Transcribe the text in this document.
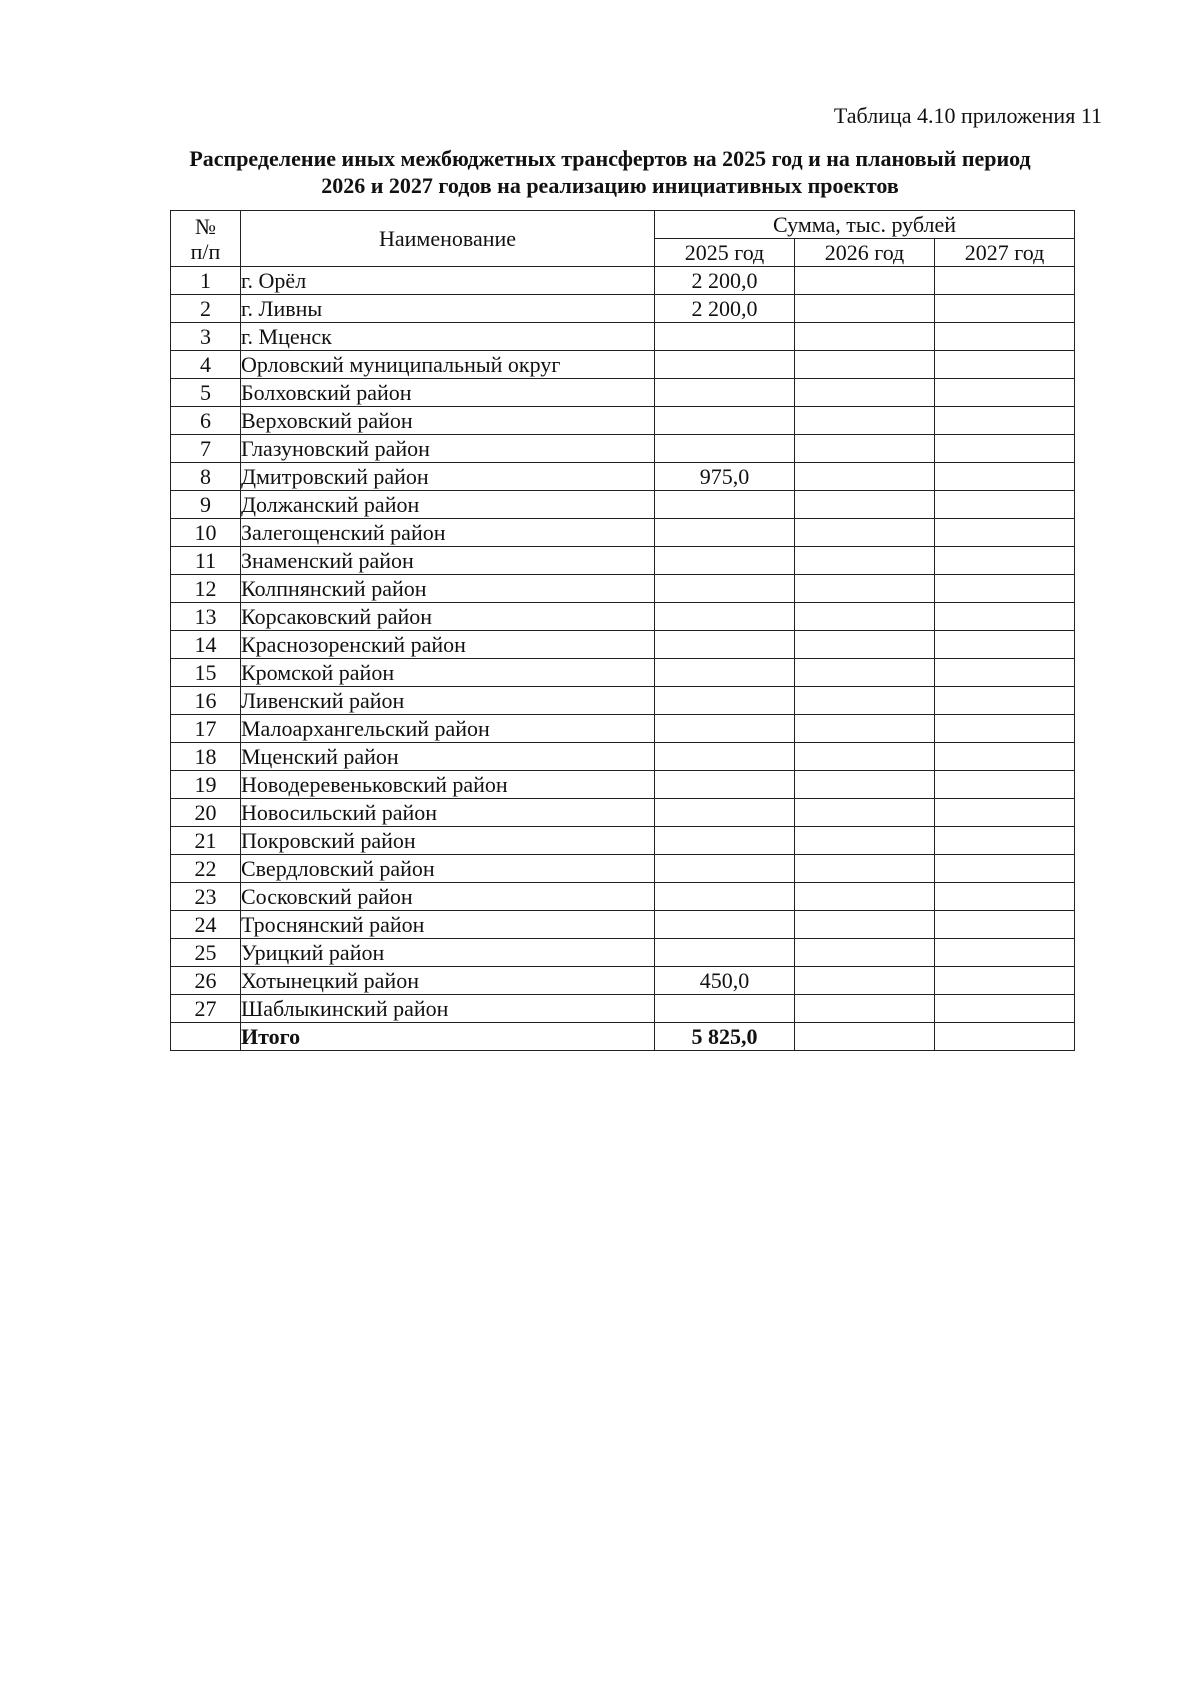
Таблица 4.10 приложения 11
Распределение иных межбюджетных трансфертов на 2025 год и на плановый период
2026 и 2027 годов на реализацию инициативных проектов
№
п/п	Наименование	Сумма, тыс. рублей		
		2025 год	2026 год	2027 год
1	г. Орёл	2 200,0		
2	г. Ливны	2 200,0		
3	г. Мценск			
4	Орловский муниципальный округ			
5	Болховский район			
6	Верховский район			
7	Глазуновский район			
8	Дмитровский район	975,0		
9	Должанский район			
10	Залегощенский район			
11	Знаменский район			
12	Колпнянский район			
13	Корсаковский район			
14	Краснозоренский район			
15	Кромской район			
16	Ливенский район			
17	Малоархангельский район			
18	Мценский район			
19	Новодеревеньковский район			
20	Новосильский район			
21	Покровский район			
22	Свердловский район			
23	Сосковский район			
24	Троснянский район			
25	Урицкий район			
26	Хотынецкий район	450,0		
27	Шаблыкинский район			
	Итого	5 825,0		
